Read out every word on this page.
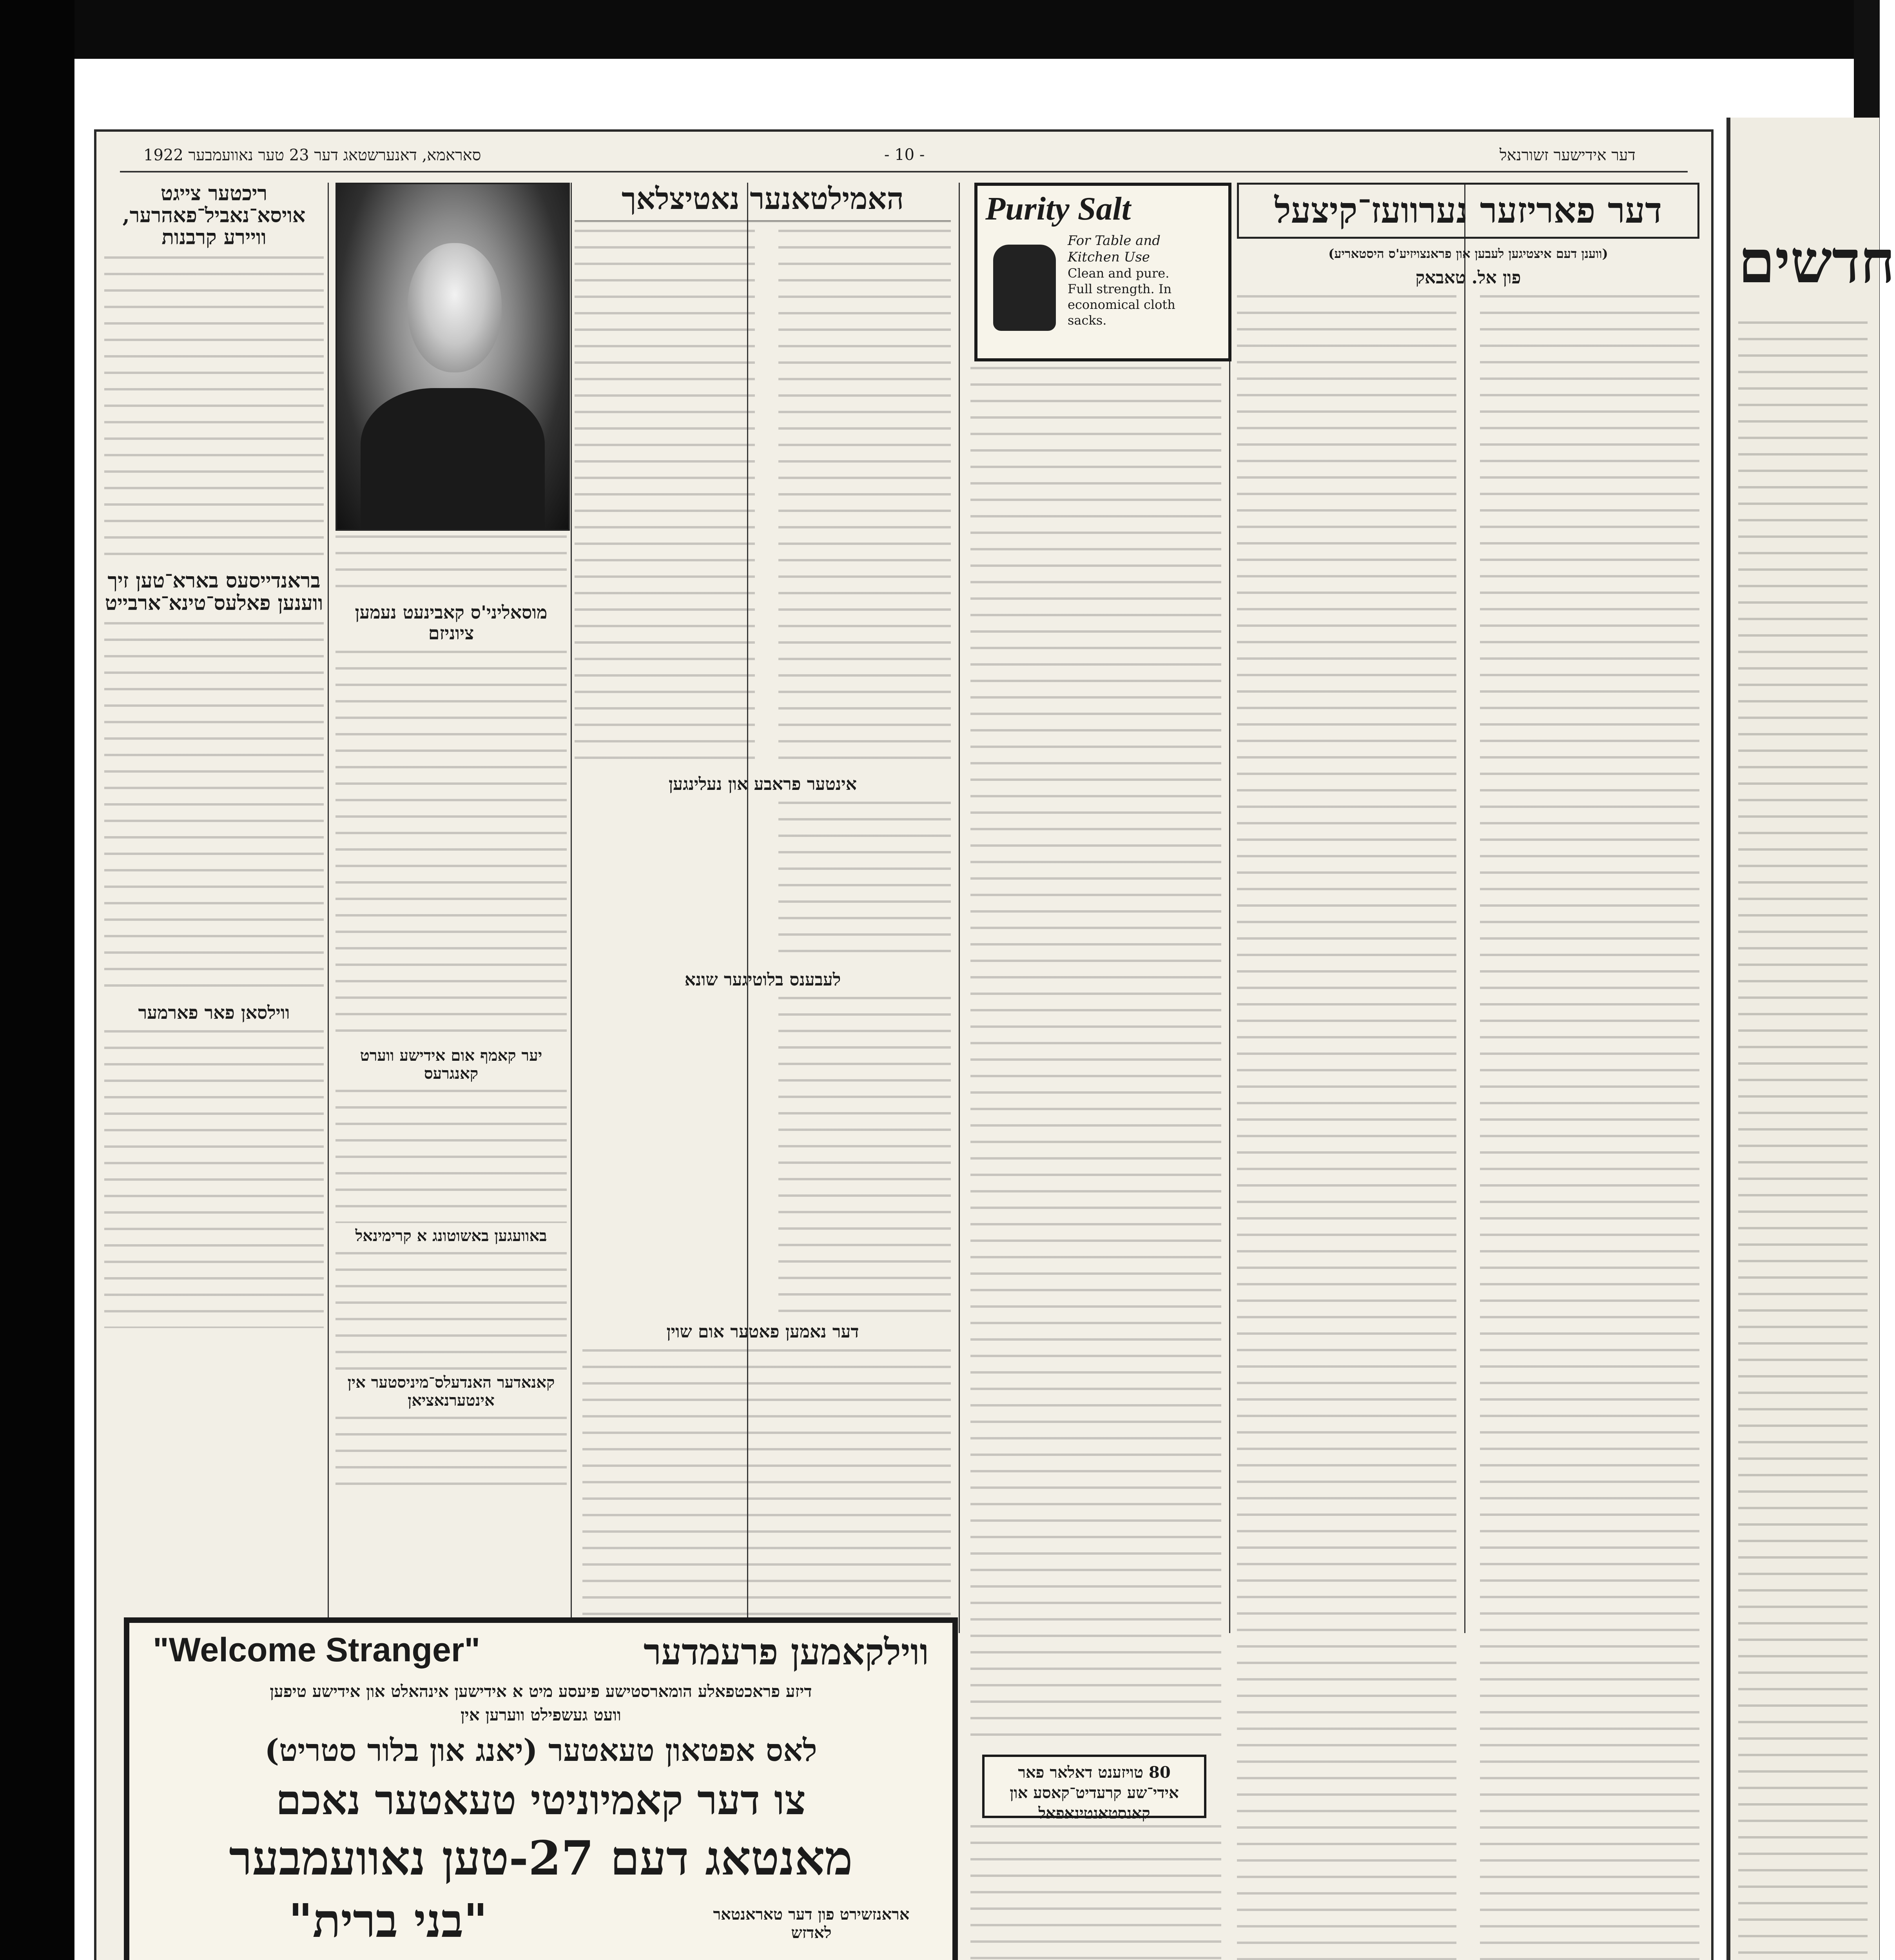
חדשים
סאראמא, דאנערשטאג דער 23 טער נאוועמבער 1922	- 10 -	דער אידישער זשורנאל
דער פאריזער נערוועז־קיצעל
(ווענן דעם איצטיגען לעבען און פראנצויזיע'ס היסטאריע)
פון אל. טאבאק
Purity Salt
For Table and
Kitchen Use
Clean and pure.
Full strength. In
economical cloth
sacks.
האמילטאנער נאטיצלאך
אינטער פראבע און נעלינגען
לעבענס בלוטיגער שונא
דער נאמען פאטער אום שוין
ריכטער צייגט אויסא־נאביל־פאהרער, וויירע קרבנות
בראנדייסעס בארא־טען זיך ווענען פאלעס־טינא־ארבייט
ווילסאן פאר פארמער
מוסאליני'ס קאבינעט נעמען ציוניזם
יער קאמף אום אידישע ווערט קאנגרעס
באוועגען באשוטונג א קרימינאל
קאנאדער האנדעלס־מיניסטער אין אינטערנאציאן
80 טויזענט דאלאר פאר אידי־שע קרעדיט־קאסע און קאנסטאנטינאפאל
ווילקאמען פרעמדער
"Welcome Stranger"
דיזע פראכטפאלע הומארסטישע פיעסע מיט א אידישען אינהאלט און אידישע טיפען
וועט געשפילט ווערען אין
לאס אפטאון טעאטער (יאנג און בלור סטריט)
צו דער קאמיוניטי טעאטער נאכם
מאנטאג דעם 27-טען נאוועמבער
אראנזשירט פון דער טאראנטאר לאדזש
"בני ברית"
